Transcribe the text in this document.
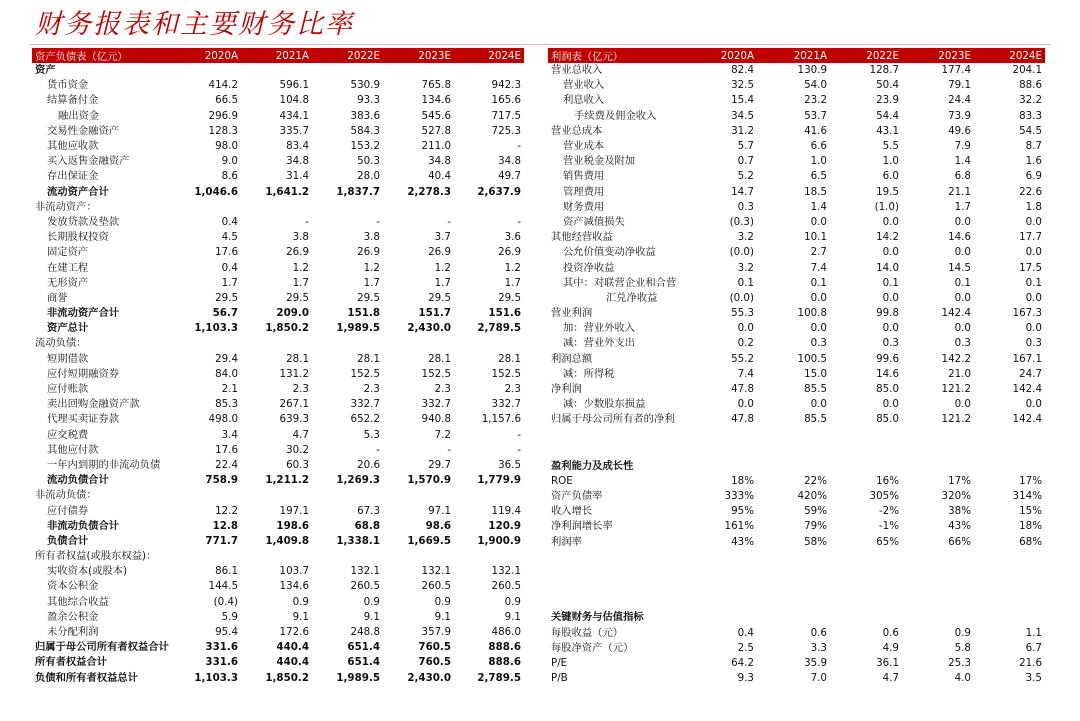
财务报表和主要财务比率
资产负债表（亿元）	2020A	2021A	2022E	2023E	2024E
资产					
货币资金	414.2	596.1	530.9	765.8	942.3
结算备付金	66.5	104.8	93.3	134.6	165.6
融出资金	296.9	434.1	383.6	545.6	717.5
交易性金融资产	128.3	335.7	584.3	527.8	725.3
其他应收款	98.0	83.4	153.2	211.0	-
买入返售金融资产	9.0	34.8	50.3	34.8	34.8
存出保证金	8.6	31.4	28.0	40.4	49.7
流动资产合计	1,046.6	1,641.2	1,837.7	2,278.3	2,637.9
非流动资产：					
发放贷款及垫款	0.4	-	-	-	-
长期股权投资	4.5	3.8	3.8	3.7	3.6
固定资产	17.6	26.9	26.9	26.9	26.9
在建工程	0.4	1.2	1.2	1.2	1.2
无形资产	1.7	1.7	1.7	1.7	1.7
商誉	29.5	29.5	29.5	29.5	29.5
非流动资产合计	56.7	209.0	151.8	151.7	151.6
资产总计	1,103.3	1,850.2	1,989.5	2,430.0	2,789.5
流动负债：					
短期借款	29.4	28.1	28.1	28.1	28.1
应付短期融资券	84.0	131.2	152.5	152.5	152.5
应付账款	2.1	2.3	2.3	2.3	2.3
卖出回购金融资产款	85.3	267.1	332.7	332.7	332.7
代理买卖证券款	498.0	639.3	652.2	940.8	1,157.6
应交税费	3.4	4.7	5.3	7.2	-
其他应付款	17.6	30.2	-	-	-
一年内到期的非流动负债	22.4	60.3	20.6	29.7	36.5
流动负债合计	758.9	1,211.2	1,269.3	1,570.9	1,779.9
非流动负债：					
应付债券	12.2	197.1	67.3	97.1	119.4
非流动负债合计	12.8	198.6	68.8	98.6	120.9
负债合计	771.7	1,409.8	1,338.1	1,669.5	1,900.9
所有者权益(或股东权益)：					
实收资本(或股本)	86.1	103.7	132.1	132.1	132.1
资本公积金	144.5	134.6	260.5	260.5	260.5
其他综合收益	(0.4)	0.9	0.9	0.9	0.9
盈余公积金	5.9	9.1	9.1	9.1	9.1
未分配利润	95.4	172.6	248.8	357.9	486.0
归属于母公司所有者权益合计	331.6	440.4	651.4	760.5	888.6
所有者权益合计	331.6	440.4	651.4	760.5	888.6
负债和所有者权益总计	1,103.3	1,850.2	1,989.5	2,430.0	2,789.5
利润表（亿元）	2020A	2021A	2022E	2023E	2024E
营业总收入	82.4	130.9	128.7	177.4	204.1
营业收入	32.5	54.0	50.4	79.1	88.6
利息收入	15.4	23.2	23.9	24.4	32.2
手续费及佣金收入	34.5	53.7	54.4	73.9	83.3
营业总成本	31.2	41.6	43.1	49.6	54.5
营业成本	5.7	6.6	5.5	7.9	8.7
营业税金及附加	0.7	1.0	1.0	1.4	1.6
销售费用	5.2	6.5	6.0	6.8	6.9
管理费用	14.7	18.5	19.5	21.1	22.6
财务费用	0.3	1.4	(1.0)	1.7	1.8
资产减值损失	(0.3)	0.0	0.0	0.0	0.0
其他经营收益	3.2	10.1	14.2	14.6	17.7
公允价值变动净收益	(0.0)	2.7	0.0	0.0	0.0
投资净收益	3.2	7.4	14.0	14.5	17.5
其中：对联营企业和合营	0.1	0.1	0.1	0.1	0.1
汇兑净收益	(0.0)	0.0	0.0	0.0	0.0
营业利润	55.3	100.8	99.8	142.4	167.3
加：营业外收入	0.0	0.0	0.0	0.0	0.0
减：营业外支出	0.2	0.3	0.3	0.3	0.3
利润总额	55.2	100.5	99.6	142.2	167.1
减：所得税	7.4	15.0	14.6	21.0	24.7
净利润	47.8	85.5	85.0	121.2	142.4
减：少数股东损益	0.0	0.0	0.0	0.0	0.0
归属于母公司所有者的净利	47.8	85.5	85.0	121.2	142.4

盈利能力及成长性					
ROE	18%	22%	16%	17%	17%
资产负债率	333%	420%	305%	320%	314%
收入增长	95%	59%	-2%	38%	15%
净利润增长率	161%	79%	-1%	43%	18%
利润率	43%	58%	65%	66%	68%

关键财务与估值指标					
每股收益（元）	0.4	0.6	0.6	0.9	1.1
每股净资产（元）	2.5	3.3	4.9	5.8	6.7
P/E	64.2	35.9	36.1	25.3	21.6
P/B	9.3	7.0	4.7	4.0	3.5
